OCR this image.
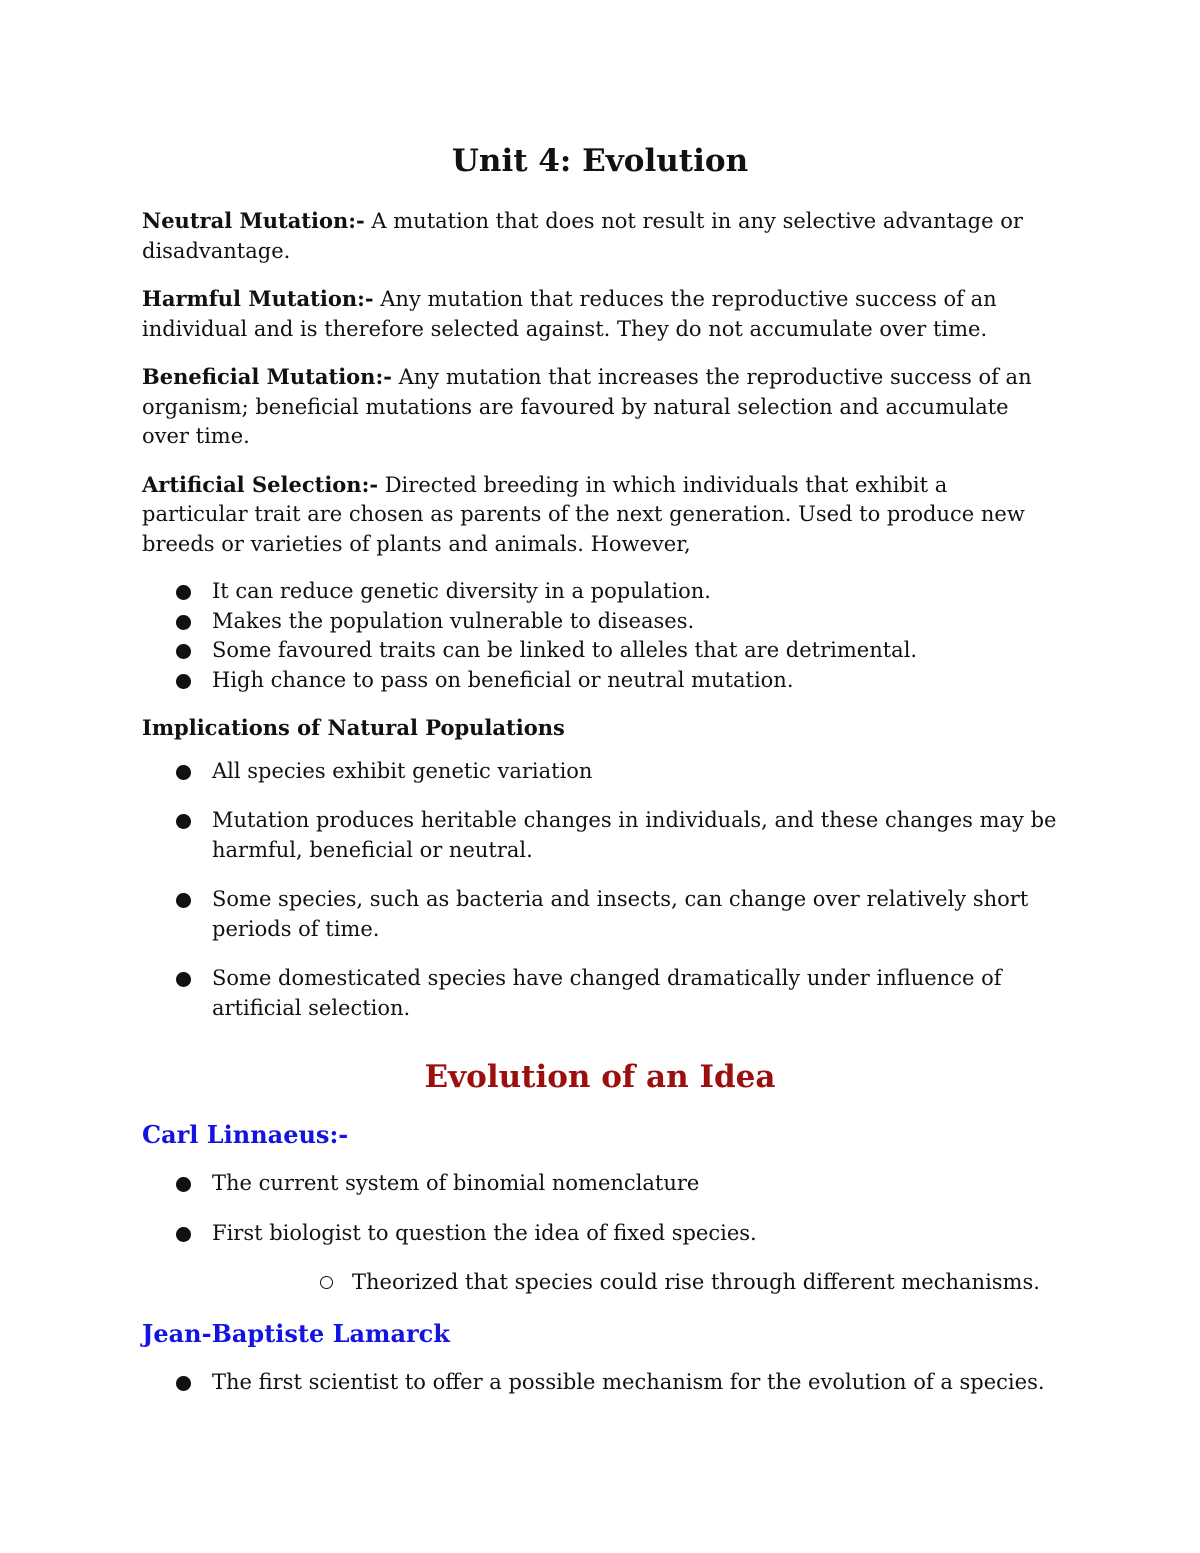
Unit 4: Evolution

Neutral Mutation:- A mutation that does not result in any selective advantage or disadvantage.

Harmful Mutation:- Any mutation that reduces the reproductive success of an individual and is therefore selected against. They do not accumulate over time.

Beneficial Mutation:- Any mutation that increases the reproductive success of an organism; beneficial mutations are favoured by natural selection and accumulate over time.

Artificial Selection:- Directed breeding in which individuals that exhibit a particular trait are chosen as parents of the next generation. Used to produce new breeds or varieties of plants and animals. However,

It can reduce genetic diversity in a population.
Makes the population vulnerable to diseases.
Some favoured traits can be linked to alleles that are detrimental.
High chance to pass on beneficial or neutral mutation.

Implications of Natural Populations

All species exhibit genetic variation
Mutation produces heritable changes in individuals, and these changes may be harmful, beneficial or neutral.
Some species, such as bacteria and insects, can change over relatively short periods of time.
Some domesticated species have changed dramatically under influence of artificial selection.
Evolution of an Idea
Carl Linnaeus:-
The current system of binomial nomenclature
First biologist to question the idea of fixed species.
Theorized that species could rise through different mechanisms.
Jean-Baptiste Lamarck
The first scientist to offer a possible mechanism for the evolution of a species.
